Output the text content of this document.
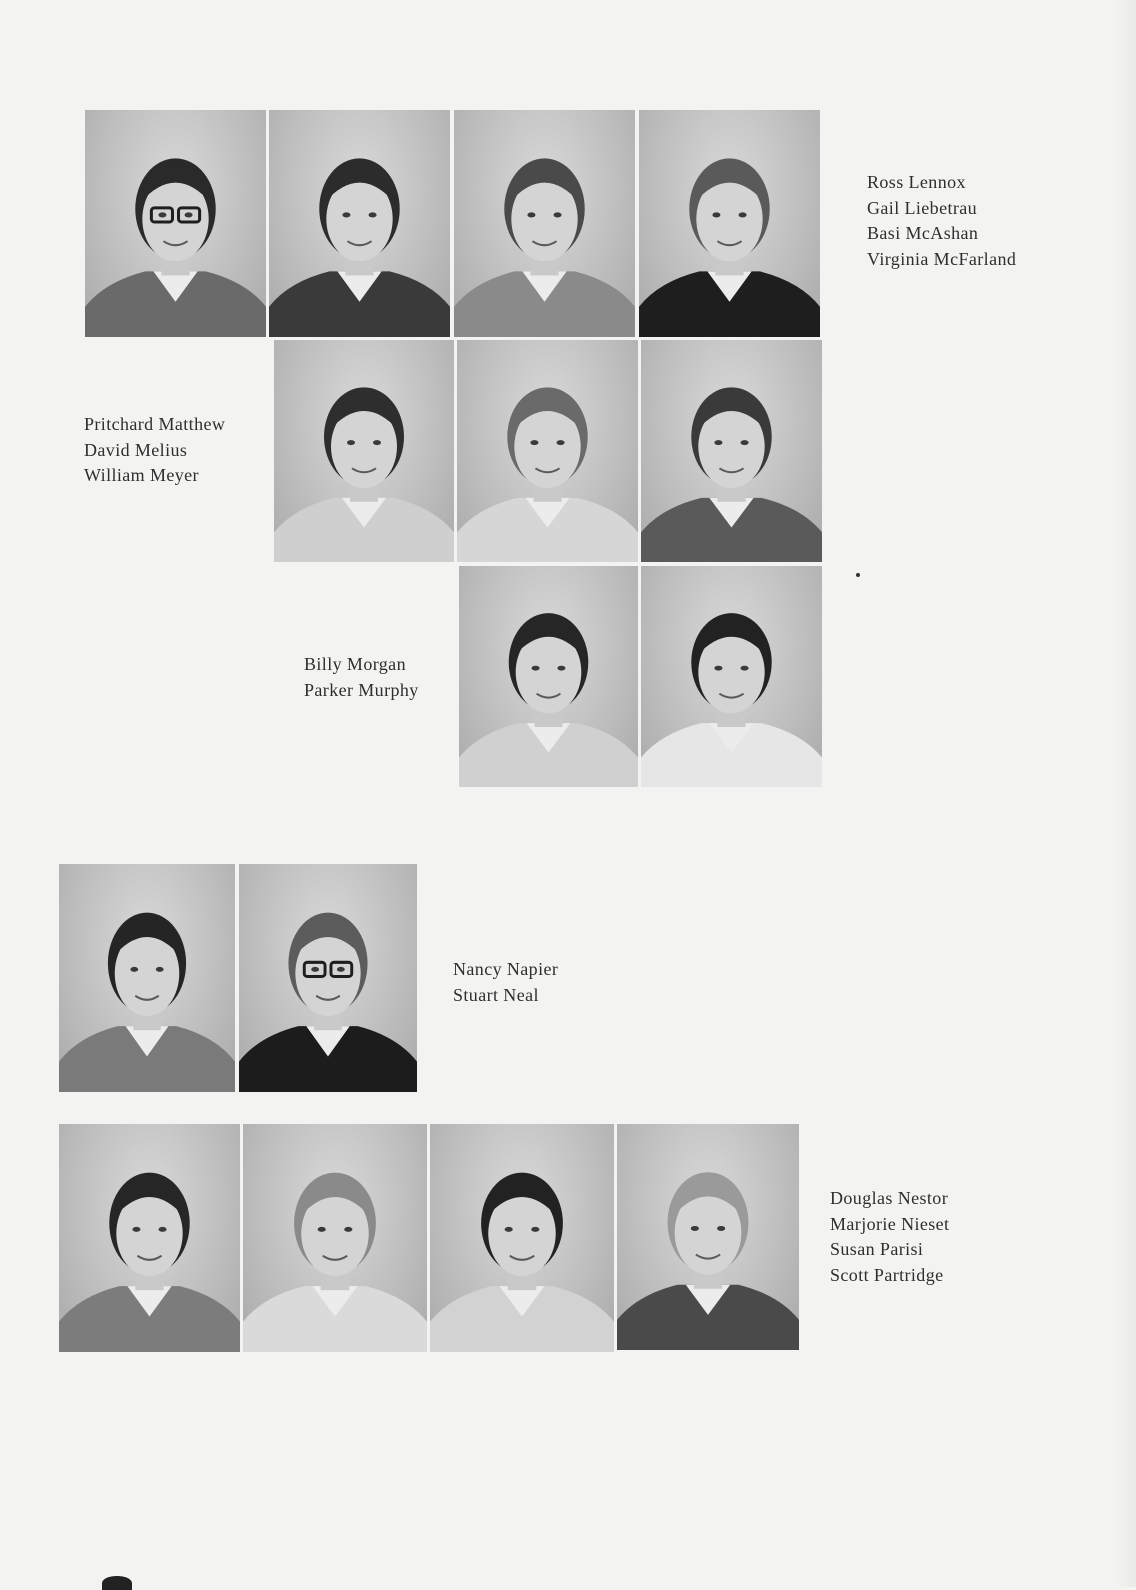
Ross Lennox
Gail Liebetrau
Basi McAshan
Virginia McFarland
Pritchard Matthew
David Melius
William Meyer
Billy Morgan
Parker Murphy
Nancy Napier
Stuart Neal
Douglas Nestor
Marjorie Nieset
Susan Parisi
Scott Partridge
